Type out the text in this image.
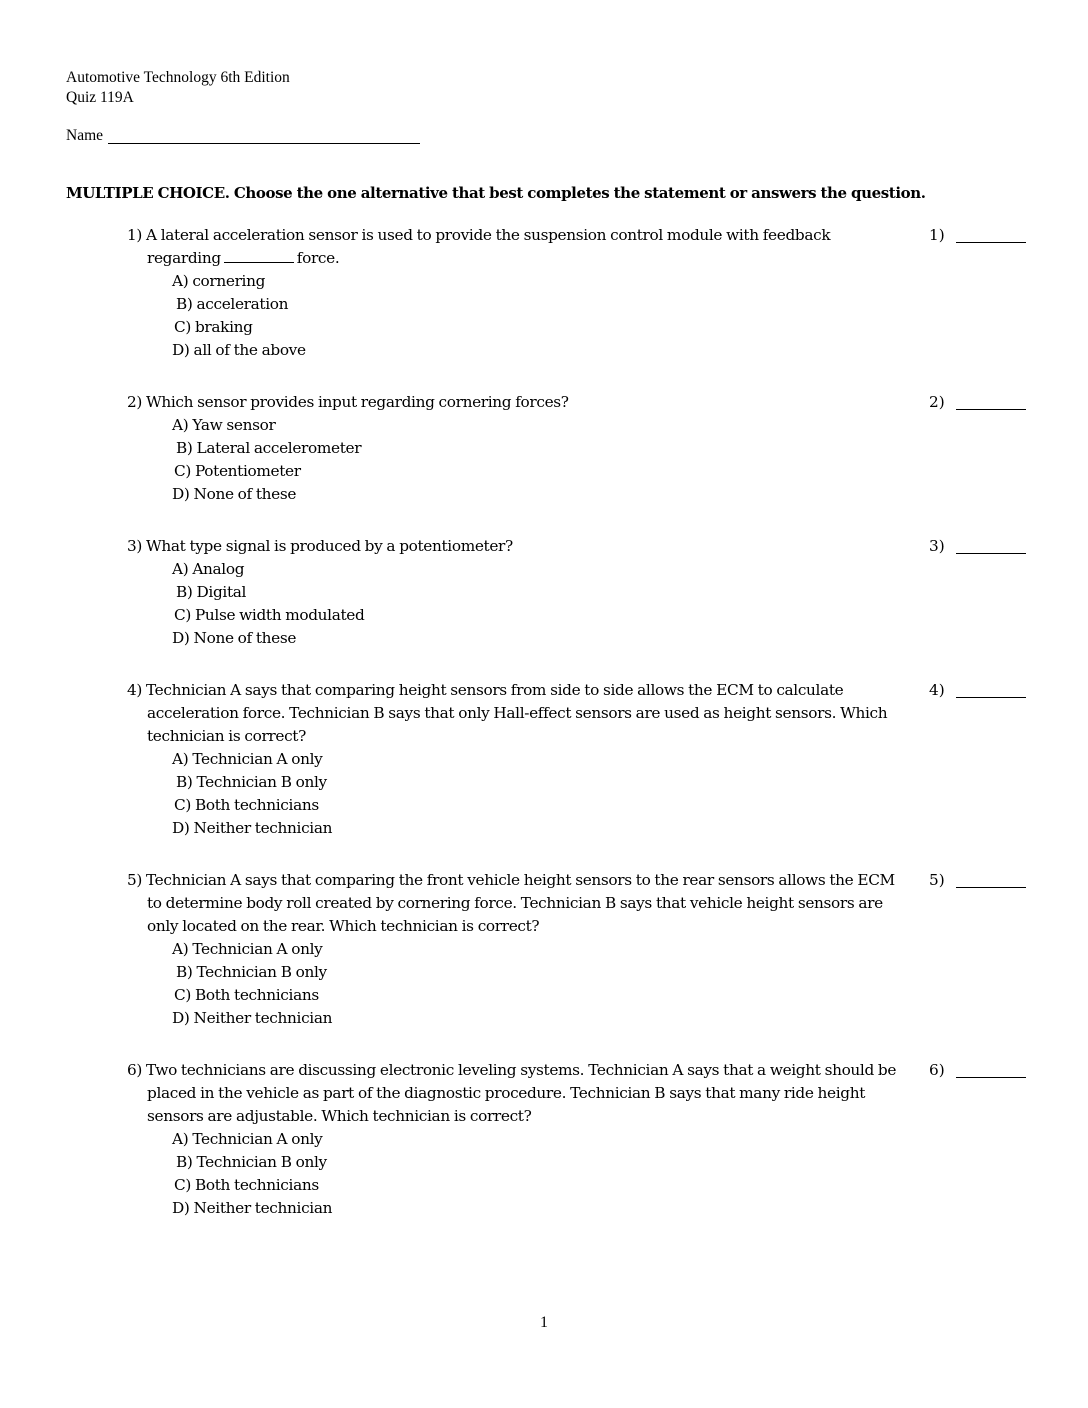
Automotive Technology 6th Edition
Quiz 119A
Name
MULTIPLE CHOICE. Choose the one alternative that best completes the statement or answers the question.
1) A lateral acceleration sensor is used to provide the suspension control module with feedback regarding	force.
A) cornering
B) acceleration
C) braking
D) all of the above
1)
2) Which sensor provides input regarding cornering forces?
A) Yaw sensor
B) Lateral accelerometer
C) Potentiometer
D) None of these
2)
3) What type signal is produced by a potentiometer?
A) Analog
B) Digital
C) Pulse width modulated
D) None of these
3)
4) Technician A says that comparing height sensors from side to side allows the ECM to calculate acceleration force. Technician B says that only Hall-effect sensors are used as height sensors. Which technician is correct?
A) Technician A only
B) Technician B only
C) Both technicians
D) Neither technician
4)
5) Technician A says that comparing the front vehicle height sensors to the rear sensors allows the ECM to determine body roll created by cornering force. Technician B says that vehicle height sensors are only located on the rear. Which technician is correct?
A) Technician A only
B) Technician B only
C) Both technicians
D) Neither technician
5)
6) Two technicians are discussing electronic leveling systems. Technician A says that a weight should be placed in the vehicle as part of the diagnostic procedure. Technician B says that many ride height sensors are adjustable. Which technician is correct?
A) Technician A only
B) Technician B only
C) Both technicians
D) Neither technician
6)
1
